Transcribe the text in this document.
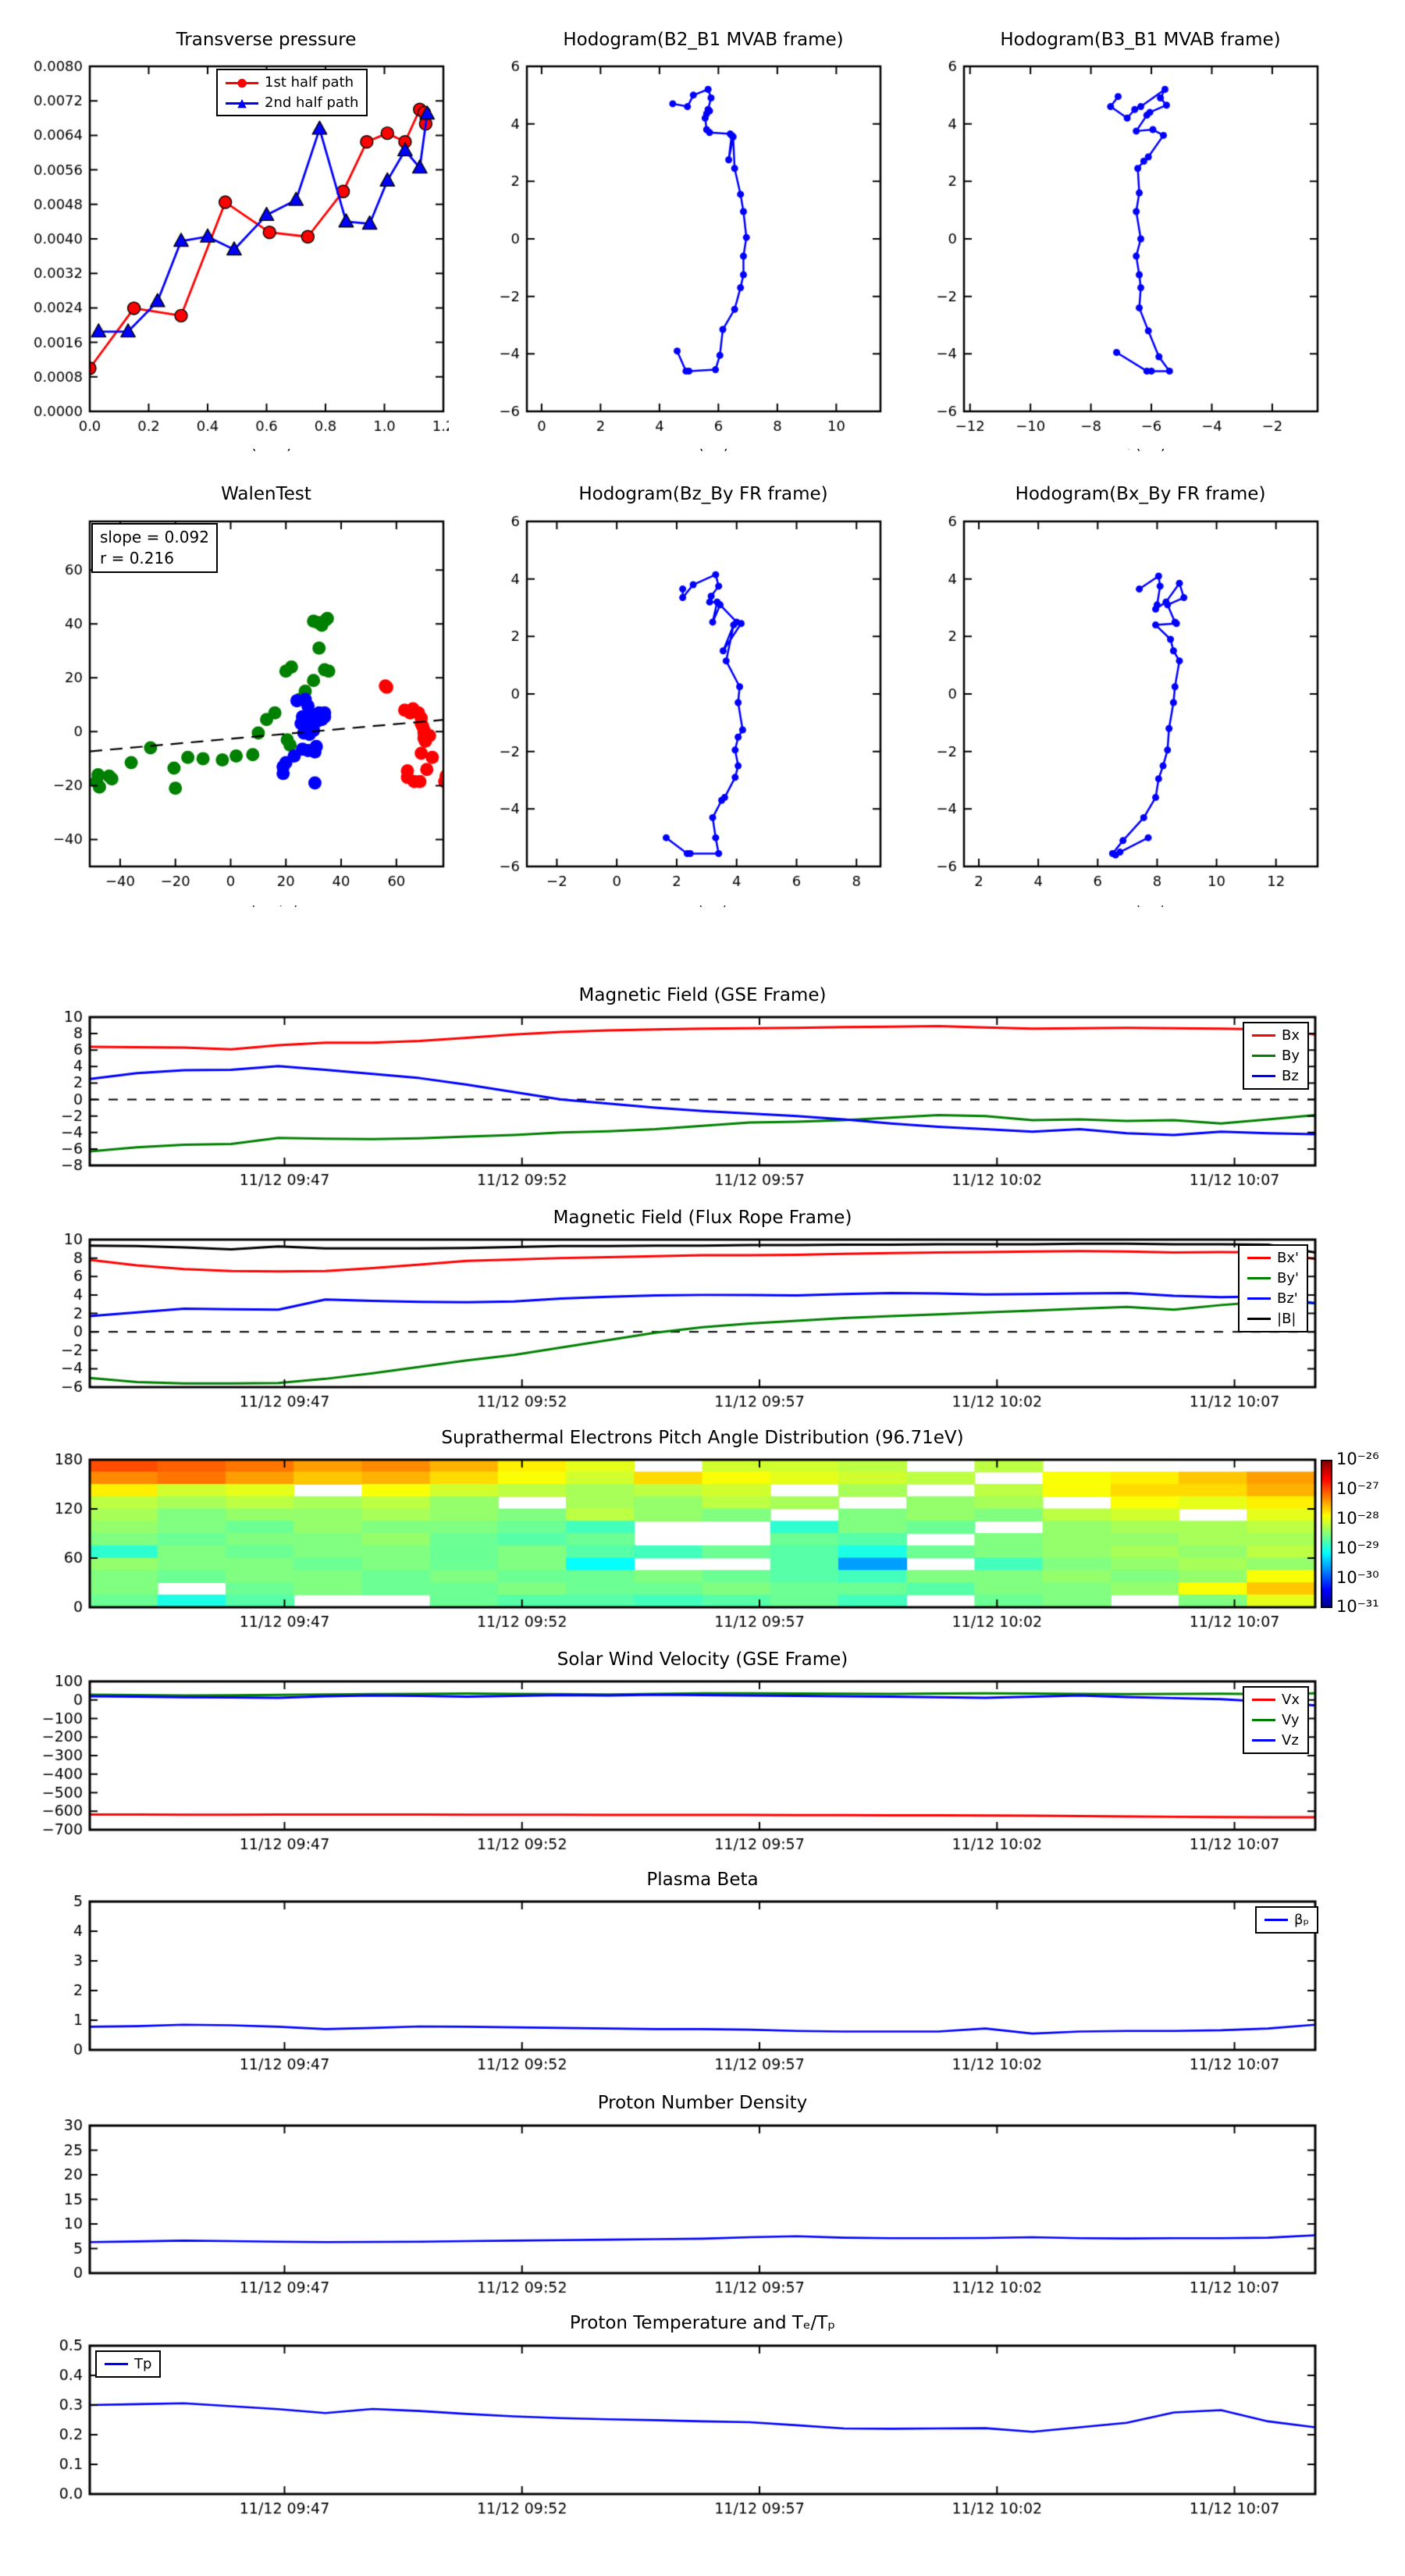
Transverse pressure
● 1st half path
▲ 2nd half path
Hodogram(B2_B1 MVAB frame)	Hodogram(B3_B1 MVAB frame)
WalenTest
slope = 0.092
r = 0.216
Hodogram(Bz_By FR frame)	Hodogram(Bx_By FR frame)
Magnetic Field (GSE Frame)
Bx
By
Bz
Magnetic Field (Flux Rope Frame)
Bx'
By'
Bz'
|B|
Suprathermal Electrons Pitch Angle Distribution (96.71eV)
10⁻²⁶
10⁻²⁷
10⁻²⁸
10⁻²⁹
10⁻³⁰
10⁻³¹
Solar Wind Velocity (GSE Frame)
Vx
Vy
Vz
Plasma Beta
βₚ
Proton Number Density
Proton Temperature and Tₑ/Tₚ
Tp
